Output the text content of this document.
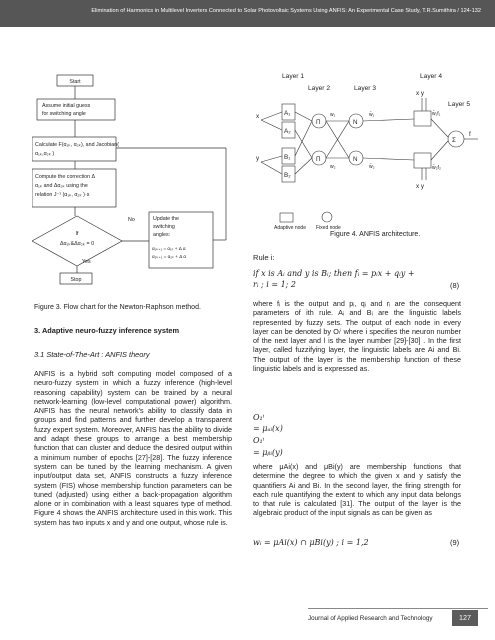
Elimination of Harmonics in Multilevel Inverters Connected to Solar Photovoltaic Systems Using ANFIS: An Experimental Case Study, T.R.Sumithira / 124-132
Start
Assume initial guess
for switching angle
Calculate F(α₁ₖ, α₂ₖ), and Jacobian(
α₁ₖ,α₂ₖ )
Compute the correction Δ
α₁ₖ and Δα₂ₖ using the
relation J⁻¹ (α₁ₖ, α₂ₖ )·s
If
Δα₁ₖ&Δα₂ₖ = 0
No
Yes
Update the
switching
angles:
α₁ₖ₊₁ = α₁ₖ + Δ α
α₂ₖ₊₁ = α₂ₖ + Δ α
Stop
Figure 3. Flow chart for the Newton-Raphson method.
Layer 1
Layer 2	Layer 3
Layer 4
Layer 5
x
y
x y
x y
A₁
A₂
B₁
B₂
Π
Π
N
N
Σ
w₁
w₂
w̄₁
w̄₂
w̄₁f₁
w̄₂f₂
f
Adaptive node Fixed node
Figure 4. ANFIS architecture.
3. Adaptive neuro-fuzzy inference system
3.1 State-of-The-Art : ANFIS theory

ANFIS is a hybrid soft computing model composed of a neuro-fuzzy system in which a fuzzy inference (high-level reasoning capability) system can be trained by a neural network-learning (low-level computational power) algorithm. ANFIS has the neural network’s ability to classify data in groups and find patterns and further develop a transparent fuzzy expert system. Moreover, ANFIS has the ability to divide and adapt these groups to arrange a best membership function that can cluster and deduce the desired output within a minimum number of epochs [27]-[28]. The fuzzy inference system can be tuned by the learning mechanism. A given input/output data set, ANFIS constructs a fuzzy inference system (FIS) whose membership function parameters can be tuned (adjusted) using either a back-propagation algorithm alone or in combination with a least squares type of method. Figure 4 shows the ANFIS architecture used in this work. This system has two inputs x and y and one output, whose rule is.

Rule i:
if x is Aᵢ and y is Bᵢ; then fᵢ = pᵢx + qᵢy +
rᵢ ; i = 1; 2	(8)

where fᵢ is the output and pᵢ, qᵢ and rᵢ are the consequent parameters of ith rule. Aᵢ and Bᵢ are the linguistic labels represented by fuzzy sets. The output of each node in every layer can be denoted by Oₗⁱ where i specifies the neuron number of the next layer and l is the layer number [29]-[30] . In the first layer, called fuzzifying layer, the linguistic labels are Ai and Bi. The output of the layer is the membership function of these linguistic labels and is expressed as.

O₁ⁱ
= μₐᵢ(x)
O₁ⁱ
= μᵦᵢ(y)

where μAi(x) and μBi(y) are membership functions that determine the degree to which the given x and y satisfy the quantifiers Ai and Bi. In the second layer, the firing strength for each rule quantifying the extent to which any input data belongs to that rule is calculated [31]. The output of the layer is the algebraic product of the input signals as can be given as

wᵢ = μAi(x) ∩ μBi(y) ; i = 1,2	(9)
Journal of Applied Research and Technology	127
